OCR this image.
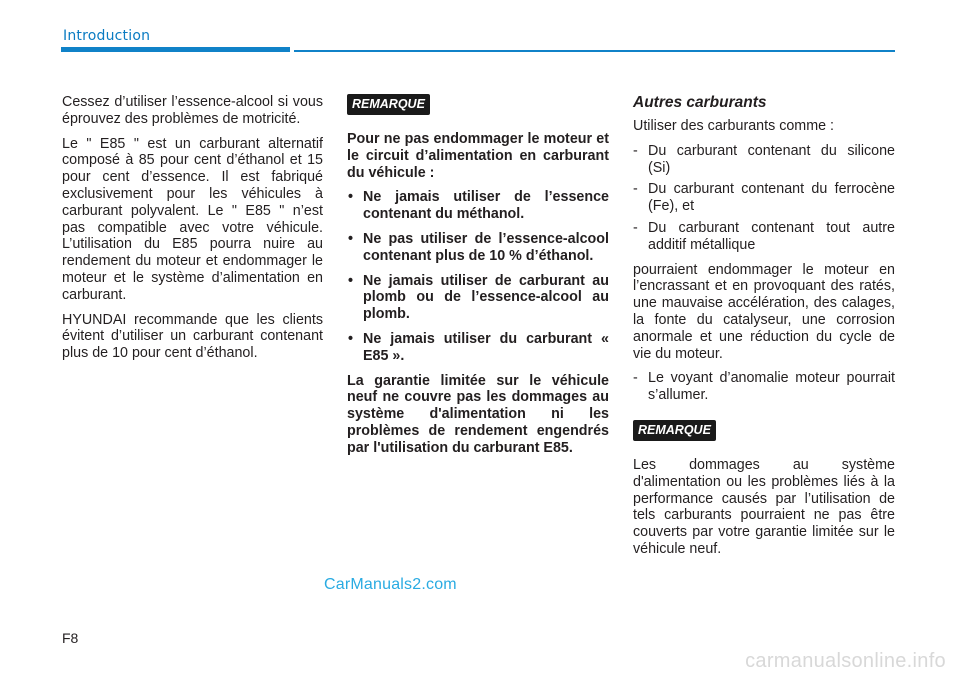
Introduction

Cessez d’utiliser l’essence-alcool si vous éprouvez des problèmes de motricité.

Le " E85 " est un carburant alternatif composé à 85 pour cent d’éthanol et 15 pour cent d’essence. Il est fabriqué exclusivement pour les véhicules à carburant polyvalent. Le " E85 " n’est pas compatible avec votre véhicule. L’utilisation du E85 pourra nuire au rendement du moteur et endommager le moteur et le système d’alimentation en carburant.

HYUNDAI recommande que les clients évitent d’utiliser un carburant contenant plus de 10 pour cent d’éthanol.

REMARQUE

Pour ne pas endommager le moteur et le circuit d’alimentation en carburant du véhicule :

• Ne jamais utiliser de l’essence contenant du méthanol.
• Ne pas utiliser de l’essence-alcool contenant plus de 10 % d’éthanol.
• Ne jamais utiliser de carburant au plomb ou de l’essence-alcool au plomb.
• Ne jamais utiliser du carburant « E85 ».

La garantie limitée sur le véhicule neuf ne couvre pas les dommages au système d'alimentation ni les problèmes de rendement engendrés par l'utilisation du carburant E85.

Autres carburants

Utiliser des carburants comme :

- Du carburant contenant du silicone (Si)
- Du carburant contenant du ferrocène (Fe), et
- Du carburant contenant tout autre additif métallique

pourraient endommager le moteur en l’encrassant et en provoquant des ratés, une mauvaise accélération, des calages, la fonte du catalyseur, une corrosion anormale et une réduction du cycle de vie du moteur.

- Le voyant d’anomalie moteur pourrait s’allumer.
REMARQUE

Les dommages au système d'alimentation ou les problèmes liés à la performance causés par l’utilisation de tels carburants pourraient ne pas être couverts par votre garantie limitée sur le véhicule neuf.

CarManuals2.com
F8
carmanualsonline.info
